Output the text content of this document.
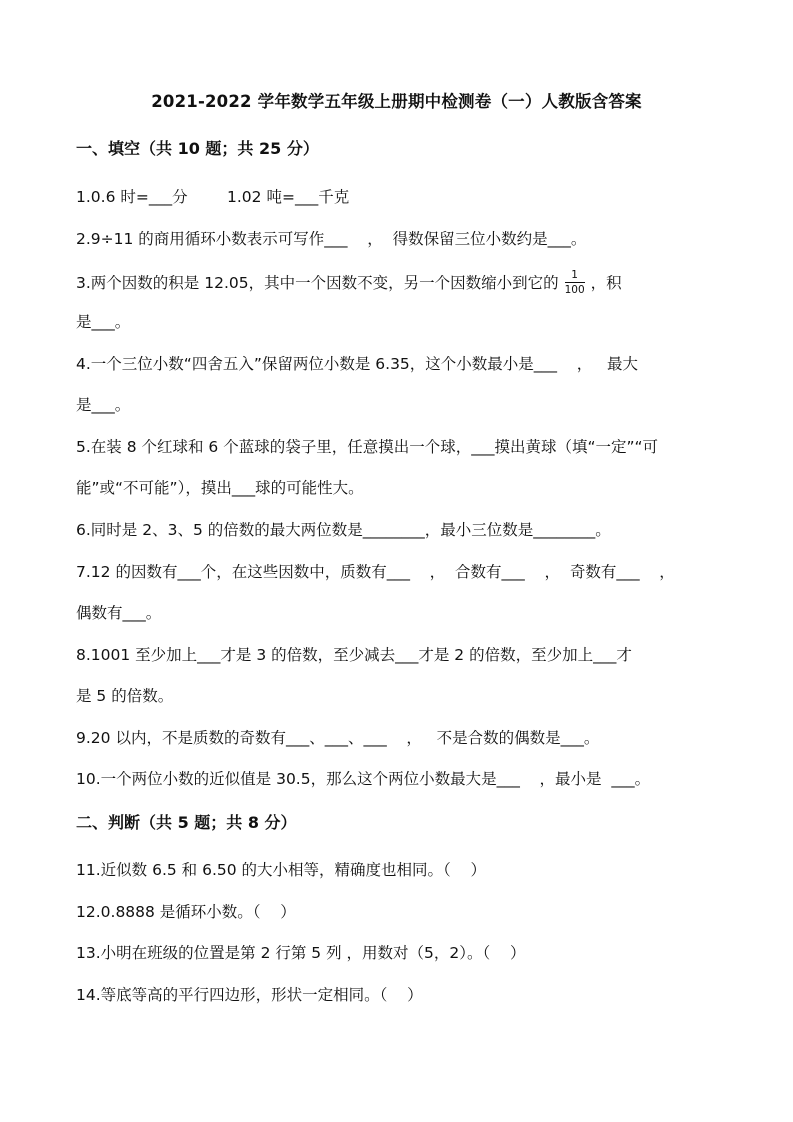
2021-2022 学年数学五年级上册期中检测卷（一）人教版含答案
一、填空（共 10 题；共 25 分）
1.0.6 时=___分        1.02 吨=___千克
2.9÷11 的商用循环小数表示可写作___    ，  得数保留三位小数约是___。
3.两个因数的积是 12.05，其中一个因数不变，另一个因数缩小到它的 $\frac{1}{100}$ ，积
是___。
4.一个三位小数“四舍五入”保留两位小数是 6.35，这个小数最小是___    ，   最大
是___。
5.在装 8 个红球和 6 个蓝球的袋子里，任意摸出一个球，___摸出黄球（填“一定”“可
能”或“不可能”），摸出___球的可能性大。
6.同时是 2、3、5 的倍数的最大两位数是________，最小三位数是________。
7.12 的因数有___个，在这些因数中，质数有___    ，  合数有___    ，  奇数有___    ，
偶数有___。
8.1001 至少加上___才是 3 的倍数，至少减去___才是 2 的倍数，至少加上___才
是 5 的倍数。
9.20 以内，不是质数的奇数有___、___、___    ，   不是合数的偶数是___。
10.一个两位小数的近似值是 30.5，那么这个两位小数最大是___    ，最小是  ___。
二、判断（共 5 题；共 8 分）
11.近似数 6.5 和 6.50 的大小相等，精确度也相同。（    ）
12.0.8888 是循环小数。（    ）
13.小明在班级的位置是第 2 行第 5 列 ，用数对（5，2）。（    ）
14.等底等高的平行四边形，形状一定相同。（    ）
